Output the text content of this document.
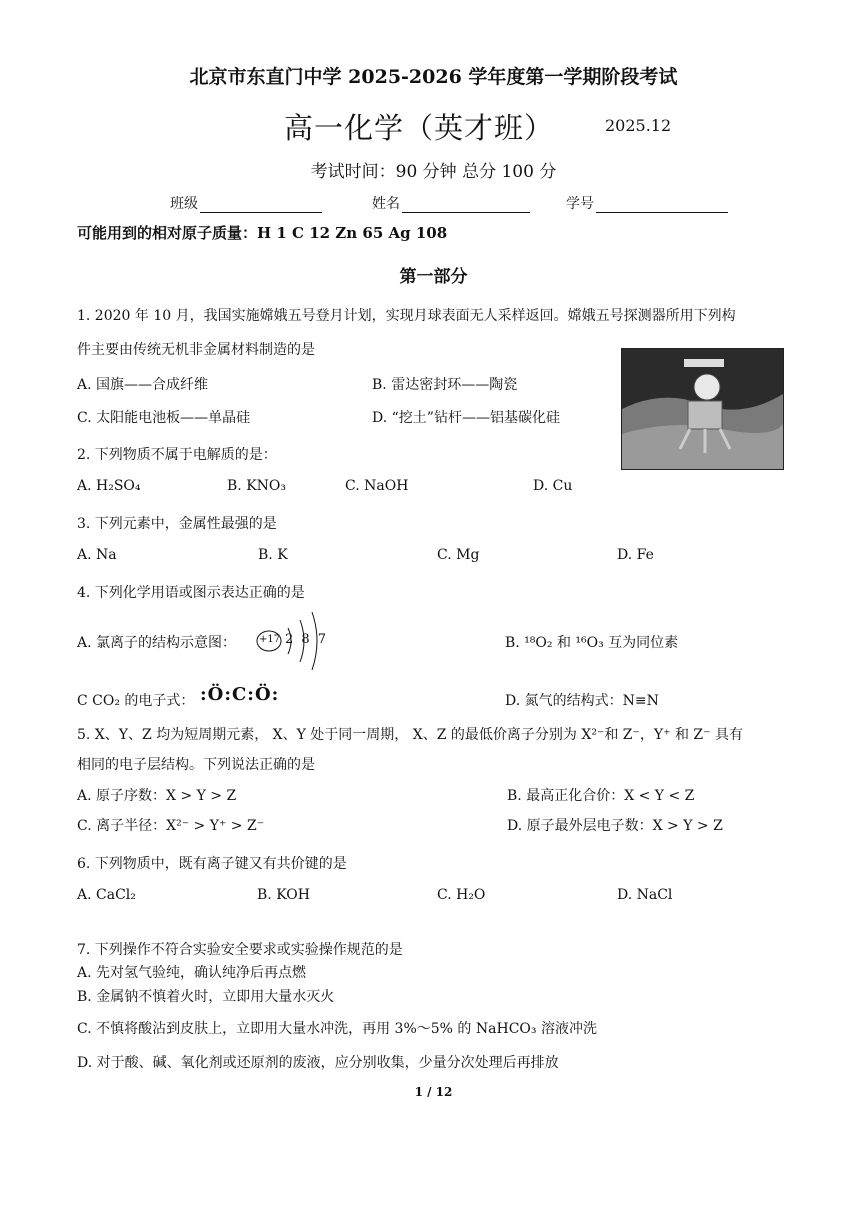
北京市东直门中学 2025-2026 学年度第一学期阶段考试
高一化学（英才班）	2025.12
考试时间：90 分钟 总分 100 分
班级	姓名	学号
可能用到的相对原子质量：H 1 C 12 Zn 65 Ag 108
第一部分
1. 2020 年 10 月，我国实施嫦娥五号登月计划，实现月球表面无人采样返回。嫦娥五号探测器所用下列构
件主要由传统无机非金属材料制造的是
A. 国旗——合成纤维	B. 雷达密封环——陶瓷
C. 太阳能电池板——单晶硅	D. “挖土”钻杆——铝基碳化硅
2. 下列物质不属于电解质的是：
A. H₂SO₄	B. KNO₃	C. NaOH	D. Cu
3. 下列元素中，金属性最强的是
A. Na	B. K	C. Mg	D. Fe
4. 下列化学用语或图示表达正确的是
A. 氯离子的结构示意图： +17 2 8 7	B. ¹⁸O₂ 和 ¹⁶O₃ 互为同位素
C CO₂ 的电子式： :Ö:C:Ö:	D. 氮气的结构式：N≡N
5. X、Y、Z 均为短周期元素， X、Y 处于同一周期， X、Z 的最低价离子分别为 X²⁻和 Z⁻，Y⁺ 和 Z⁻ 具有
相同的电子层结构。下列说法正确的是
A. 原子序数：X > Y > Z	B. 最高正化合价：X < Y < Z
C. 离子半径：X²⁻ > Y⁺ > Z⁻	D. 原子最外层电子数：X > Y > Z
6. 下列物质中，既有离子键又有共价键的是
A. CaCl₂	B. KOH	C. H₂O	D. NaCl
7. 下列操作不符合实验安全要求或实验操作规范的是
A. 先对氢气验纯，确认纯净后再点燃
B. 金属钠不慎着火时，立即用大量水灭火
C. 不慎将酸沾到皮肤上，立即用大量水冲洗，再用 3%～5% 的 NaHCO₃ 溶液冲洗
D. 对于酸、碱、氧化剂或还原剂的废液，应分别收集，少量分次处理后再排放
1 / 12
